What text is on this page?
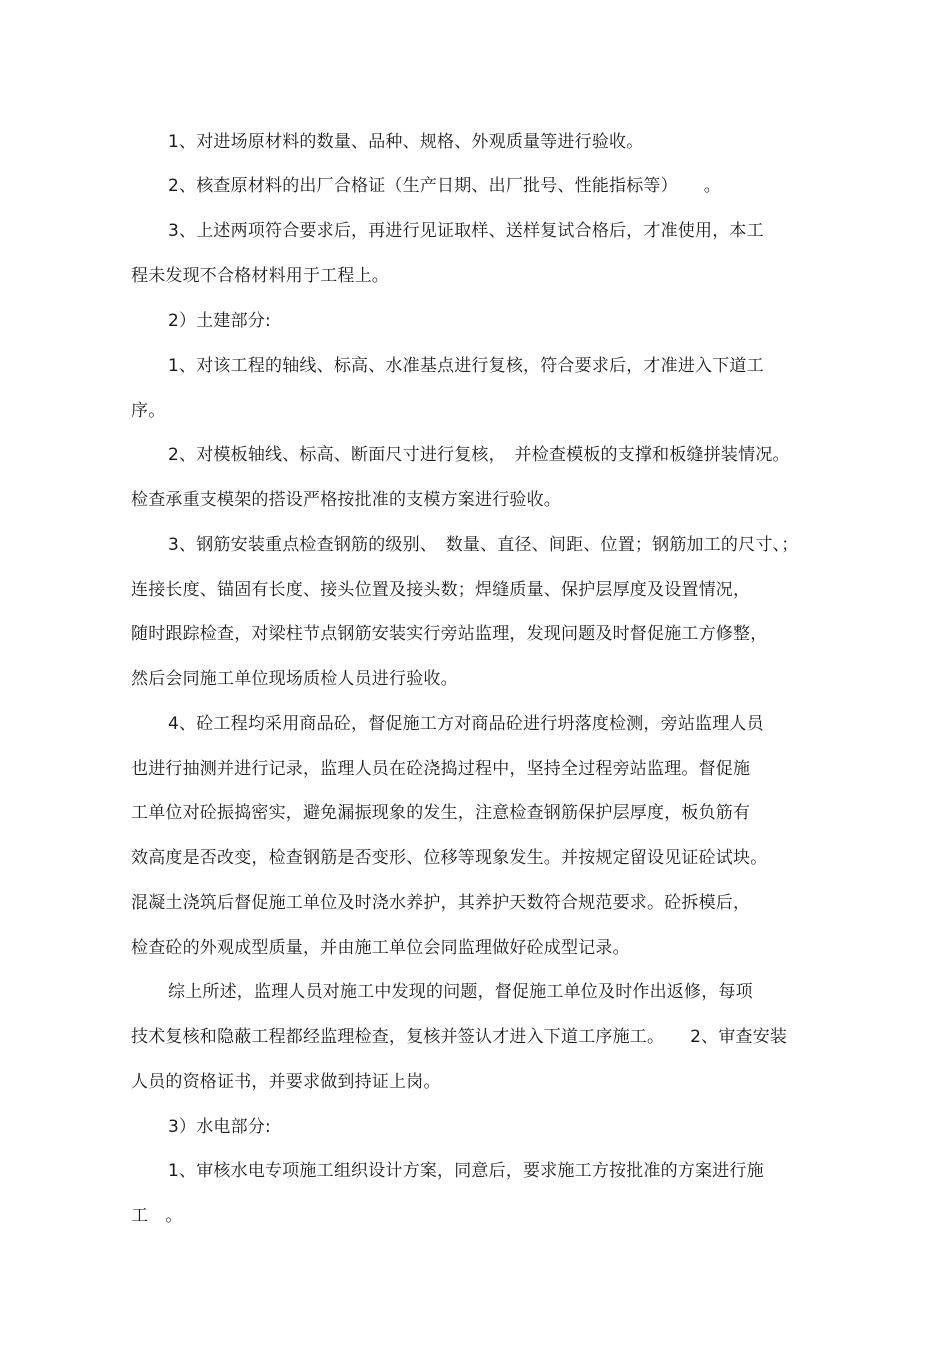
1、对进场原材料的数量、品种、规格、外观质量等进行验收。
2、核查原材料的出厂合格证（生产日期、出厂批号、性能指标等）　　。
3、上述两项符合要求后，再进行见证取样、送样复试合格后，才准使用，本工
程未发现不合格材料用于工程上。
2）土建部分:
1、对该工程的轴线、标高、水准基点进行复核，符合要求后，才准进入下道工
序。
2、对模板轴线、标高、断面尺寸进行复核，　并检查模板的支撑和板缝拼装情况。
检查承重支模架的搭设严格按批准的支模方案进行验收。
3、钢筋安装重点检查钢筋的级别、　数量、直径、间距、位置；钢筋加工的尺寸、；
连接长度、锚固有长度、接头位置及接头数；焊缝质量、保护层厚度及设置情况，
随时跟踪检查，对梁柱节点钢筋安装实行旁站监理，发现问题及时督促施工方修整，
然后会同施工单位现场质检人员进行验收。
4、砼工程均采用商品砼，督促施工方对商品砼进行坍落度检测，旁站监理人员
也进行抽测并进行记录，监理人员在砼浇捣过程中，坚持全过程旁站监理。督促施
工单位对砼振捣密实，避免漏振现象的发生，注意检查钢筋保护层厚度，板负筋有
效高度是否改变，检查钢筋是否变形、位移等现象发生。并按规定留设见证砼试块。
混凝土浇筑后督促施工单位及时浇水养护，其养护天数符合规范要求。砼拆模后，
检查砼的外观成型质量，并由施工单位会同监理做好砼成型记录。
综上所述，监理人员对施工中发现的问题，督促施工单位及时作出返修，每项
技术复核和隐蔽工程都经监理检查，复核并签认才进入下道工序施工。　　2、审查安装
人员的资格证书，并要求做到持证上岗。
3）水电部分:
1、审核水电专项施工组织设计方案，同意后，要求施工方按批准的方案进行施
工　。
